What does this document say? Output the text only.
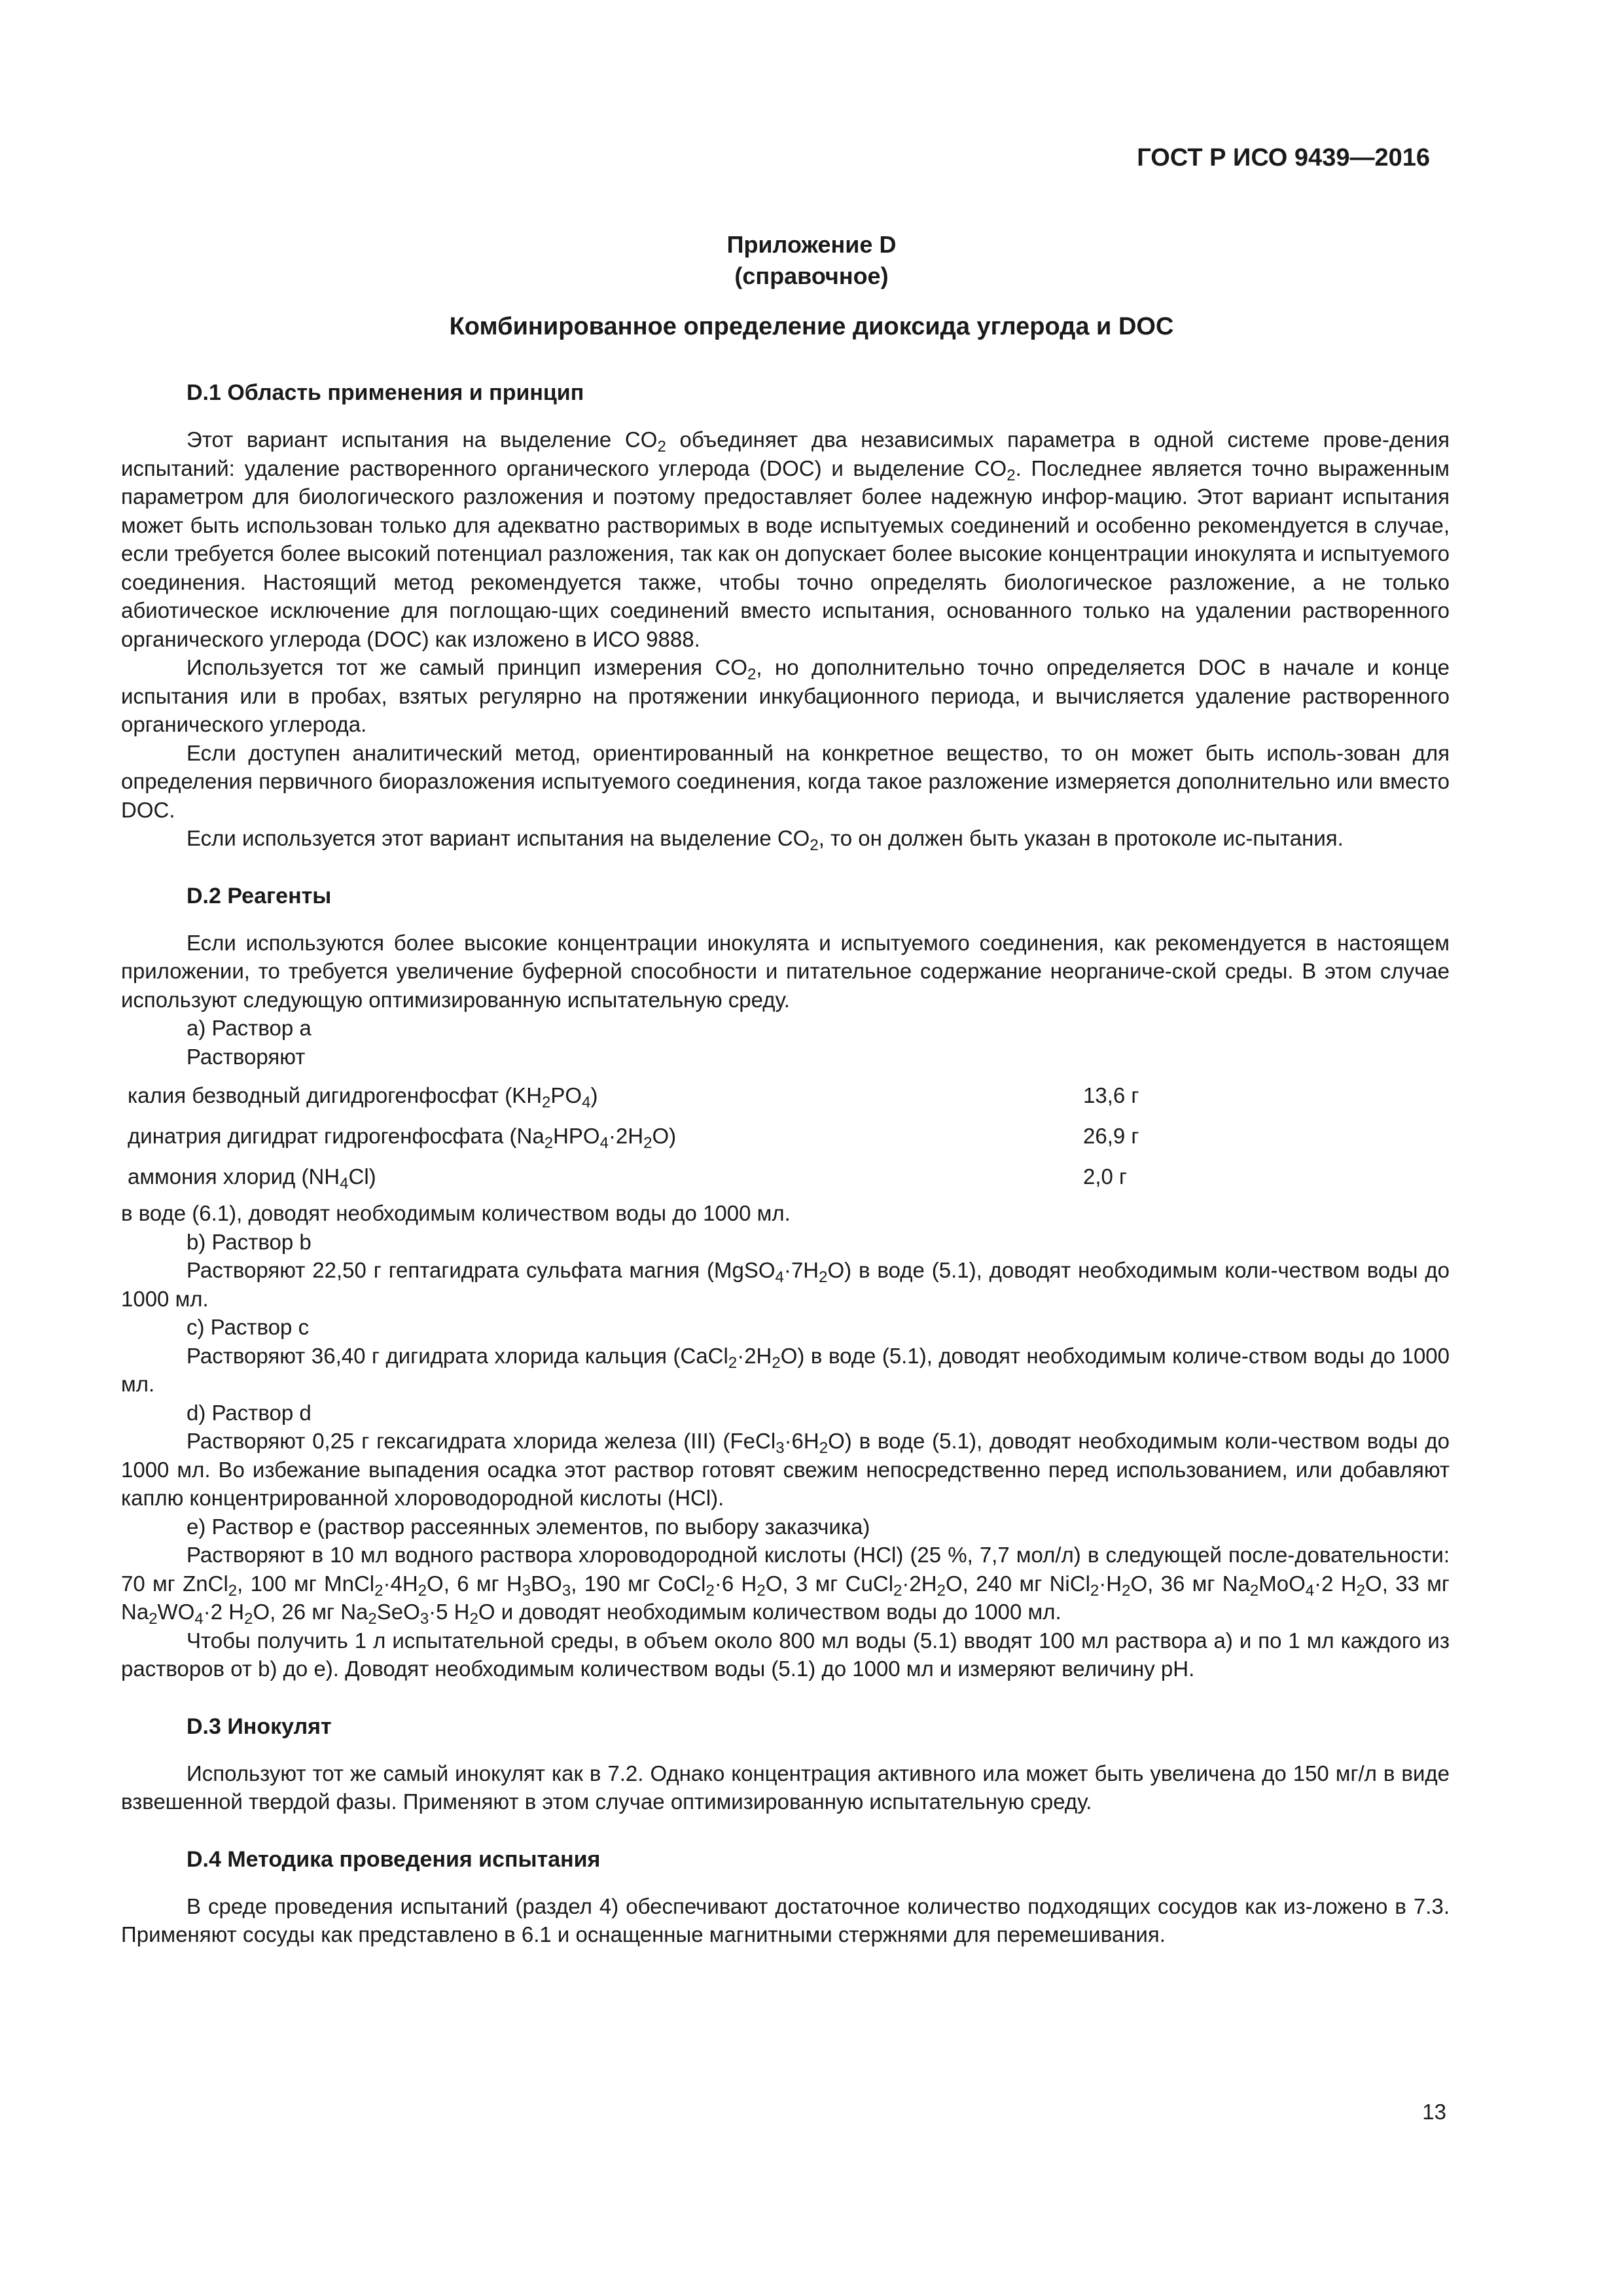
ГОСТ Р ИСО 9439—2016
Приложение D
(справочное)
Комбинированное определение диоксида углерода и DOC
D.1 Область применения и принцип

Этот вариант испытания на выделение $CO_2$ объединяет два независимых параметра в одной системе прове-дения испытаний: удаление растворенного органического углерода (DOC) и выделение $CO_2$. Последнее является точно выраженным параметром для биологического разложения и поэтому предоставляет более надежную инфор-мацию. Этот вариант испытания может быть использован только для адекватно растворимых в воде испытуемых соединений и особенно рекомендуется в случае, если требуется более высокий потенциал разложения, так как он допускает более высокие концентрации инокулята и испытуемого соединения. Настоящий метод рекомендуется также, чтобы точно определять биологическое разложение, а не только абиотическое исключение для поглощаю-щих соединений вместо испытания, основанного только на удалении растворенного органического углерода (DOC) как изложено в ИСО 9888.

Используется тот же самый принцип измерения $CO_2$, но дополнительно точно определяется DOC в начале и конце испытания или в пробах, взятых регулярно на протяжении инкубационного периода, и вычисляется удаление растворенного органического углерода.

Если доступен аналитический метод, ориентированный на конкретное вещество, то он может быть исполь-зован для определения первичного биоразложения испытуемого соединения, когда такое разложение измеряется дополнительно или вместо DOC.

Если используется этот вариант испытания на выделение $CO_2$, то он должен быть указан в протоколе ис-пытания.

D.2 Реагенты

Если используются более высокие концентрации инокулята и испытуемого соединения, как рекомендуется в настоящем приложении, то требуется увеличение буферной способности и питательное содержание неорганиче-ской среды. В этом случае используют следующую оптимизированную испытательную среду.

a) Раствор a
Растворяют
калия безводный дигидрогенфосфат $(KH_2PO_4)$	13,6 г
динатрия дигидрат гидрогенфосфата $(Na_2HPO_4\cdot 2H_2O)$	26,9 г
аммония хлорид $(NH_4Cl)$	2,0 г
в воде (6.1), доводят необходимым количеством воды до 1000 мл.
b) Раствор b

Растворяют 22,50 г гептагидрата сульфата магния $(MgSO_4\cdot 7H_2O)$ в воде (5.1), доводят необходимым коли-чеством воды до 1000 мл.

c) Раствор c

Растворяют 36,40 г дигидрата хлорида кальция $(CaCl_2\cdot 2H_2O)$ в воде (5.1), доводят необходимым количе-ством воды до 1000 мл.

d) Раствор d

Растворяют 0,25 г гексагидрата хлорида железа (III) $(FeCl_3\cdot 6H_2O)$ в воде (5.1), доводят необходимым коли-чеством воды до 1000 мл. Во избежание выпадения осадка этот раствор готовят свежим непосредственно перед использованием, или добавляют каплю концентрированной хлороводородной кислоты (HCl).

e) Раствор e (раствор рассеянных элементов, по выбору заказчика)

Растворяют в 10 мл водного раствора хлороводородной кислоты (HCl) (25 %, 7,7 мол/л) в следующей после-довательности: 70 мг ZnCl$_2$, 100 мг $MnCl_2\cdot 4H_2O$, 6 мг $H_3BO_3$, 190 мг CoCl$_2$·6 $H_2O$, 3 мг $CuCl_2\cdot 2H_2O$, 240 мг $NiCl_2\cdot H_2O$, 36 мг $Na_2MoO_4\cdot 2$ $H_2O$, 33 мг $Na_2WO_4\cdot 2$ $H_2O$, 26 мг $Na_2SeO_3\cdot 5$ $H_2O$ и доводят необходимым количеством воды до 1000 мл.

Чтобы получить 1 л испытательной среды, в объем около 800 мл воды (5.1) вводят 100 мл раствора a) и по 1 мл каждого из растворов от b) до e). Доводят необходимым количеством воды (5.1) до 1000 мл и измеряют величину pH.

D.3 Инокулят

Используют тот же самый инокулят как в 7.2. Однако концентрация активного ила может быть увеличена до 150 мг/л в виде взвешенной твердой фазы. Применяют в этом случае оптимизированную испытательную среду.

D.4 Методика проведения испытания

В среде проведения испытаний (раздел 4) обеспечивают достаточное количество подходящих сосудов как из-ложено в 7.3. Применяют сосуды как представлено в 6.1 и оснащенные магнитными стержнями для перемешивания.

13
